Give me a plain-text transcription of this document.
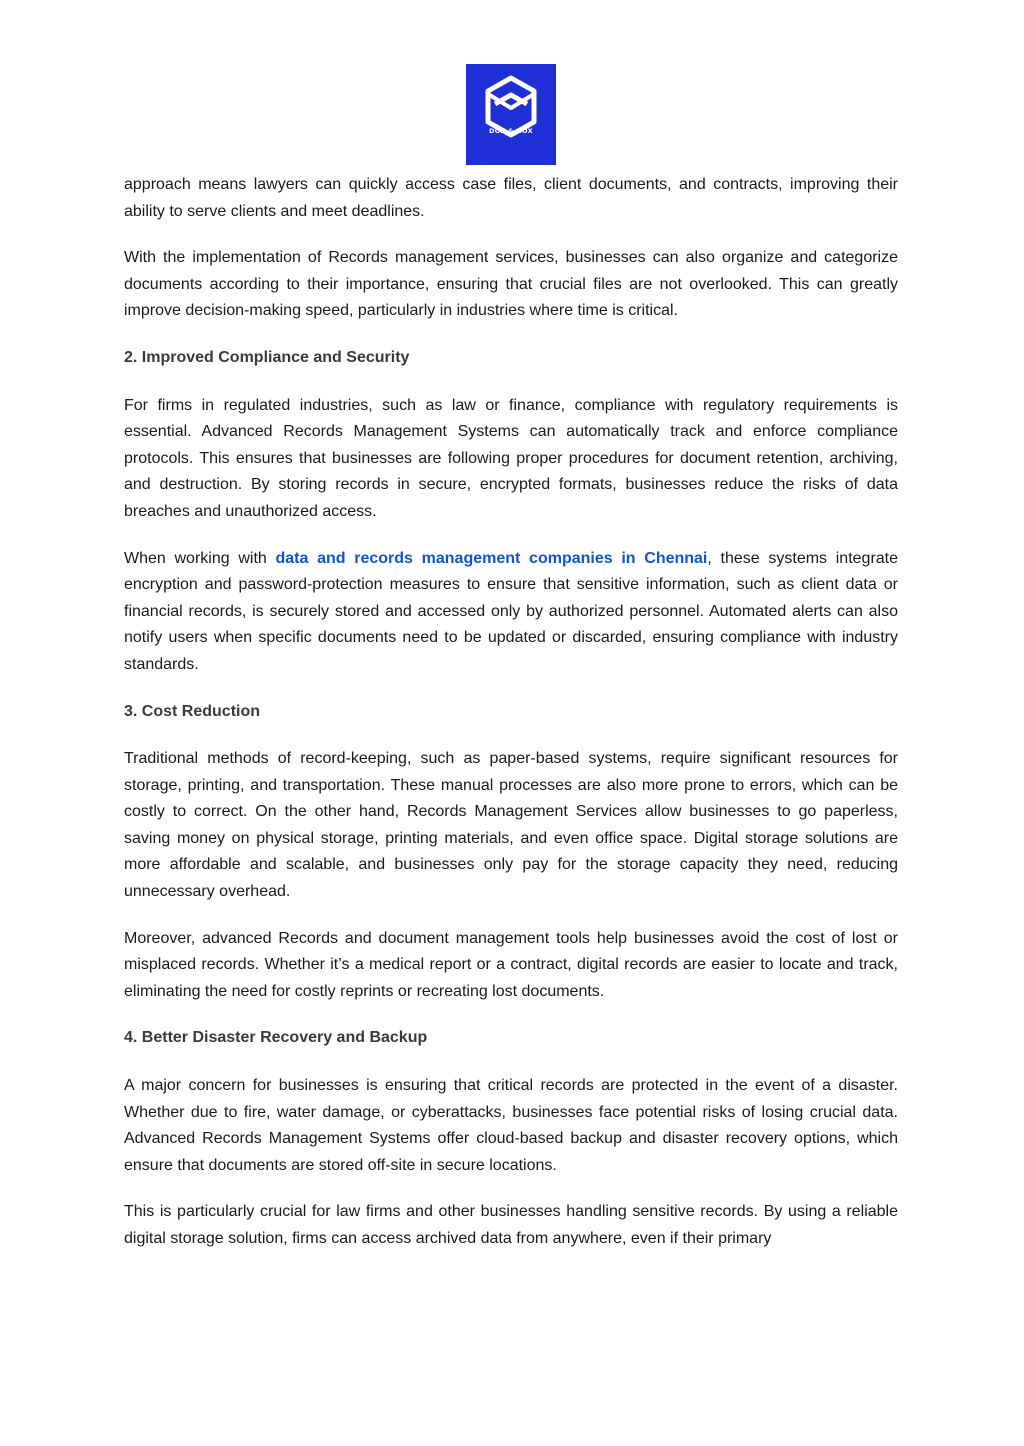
DOX & BOX

approach means lawyers can quickly access case files, client documents, and contracts, improving their ability to serve clients and meet deadlines.

With the implementation of Records management services, businesses can also organize and categorize documents according to their importance, ensuring that crucial files are not overlooked. This can greatly improve decision-making speed, particularly in industries where time is critical.

2. Improved Compliance and Security

For firms in regulated industries, such as law or finance, compliance with regulatory requirements is essential. Advanced Records Management Systems can automatically track and enforce compliance protocols. This ensures that businesses are following proper procedures for document retention, archiving, and destruction. By storing records in secure, encrypted formats, businesses reduce the risks of data breaches and unauthorized access.

When working with data and records management companies in Chennai, these systems integrate encryption and password-protection measures to ensure that sensitive information, such as client data or financial records, is securely stored and accessed only by authorized personnel. Automated alerts can also notify users when specific documents need to be updated or discarded, ensuring compliance with industry standards.

3. Cost Reduction

Traditional methods of record-keeping, such as paper-based systems, require significant resources for storage, printing, and transportation. These manual processes are also more prone to errors, which can be costly to correct. On the other hand, Records Management Services allow businesses to go paperless, saving money on physical storage, printing materials, and even office space. Digital storage solutions are more affordable and scalable, and businesses only pay for the storage capacity they need, reducing unnecessary overhead.

Moreover, advanced Records and document management tools help businesses avoid the cost of lost or misplaced records. Whether it’s a medical report or a contract, digital records are easier to locate and track, eliminating the need for costly reprints or recreating lost documents.

4. Better Disaster Recovery and Backup

A major concern for businesses is ensuring that critical records are protected in the event of a disaster. Whether due to fire, water damage, or cyberattacks, businesses face potential risks of losing crucial data. Advanced Records Management Systems offer cloud-based backup and disaster recovery options, which ensure that documents are stored off-site in secure locations.

This is particularly crucial for law firms and other businesses handling sensitive records. By using a reliable digital storage solution, firms can access archived data from anywhere, even if their primary
